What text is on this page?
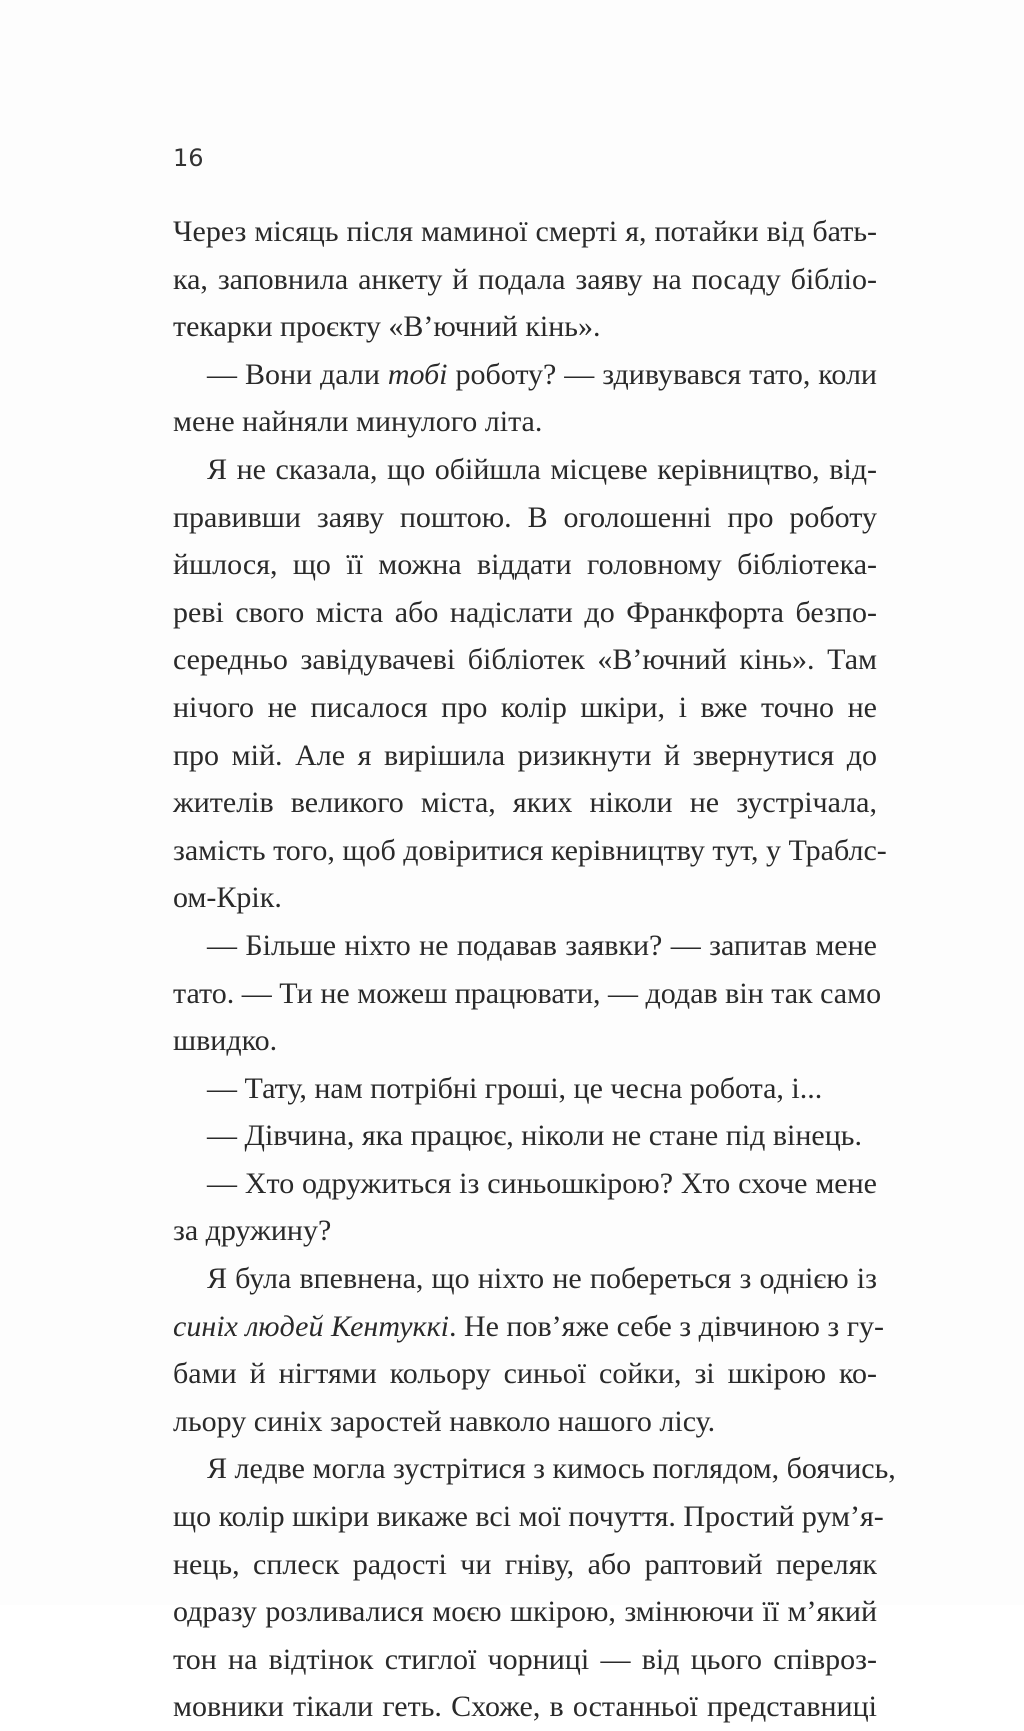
16
Через місяць після маминої смерті я, потайки від бать-
ка, заповнила анкету й подала заяву на посаду бібліо-
текарки проєкту «В’ючний кінь».
— Вони дали тобі роботу? — здивувався тато, коли
мене найняли минулого літа.
Я не сказала, що обійшла місцеве керівництво, від-
правивши заяву поштою. В оголошенні про роботу
йшлося, що її можна віддати головному бібліотека-
реві свого міста або надіслати до Франкфорта безпо-
середньо завідувачеві бібліотек «В’ючний кінь». Там
нічого не писалося про колір шкіри, і вже точно не
про мій. Але я вирішила ризикнути й звернутися до
жителів великого міста, яких ніколи не зустрічала,
замість того, щоб довіритися керівництву тут, у Траблс-
ом-Крік.
— Більше ніхто не подавав заявки? — запитав мене
тато. — Ти не можеш працювати, — додав він так само
швидко.
— Тату, нам потрібні гроші, це чесна робота, і...
— Дівчина, яка працює, ніколи не стане під вінець.
— Хто одружиться із синьошкірою? Хто схоче мене
за дружину?
Я була впевнена, що ніхто не побереться з однією із
синіх людей Кентуккі. Не пов’яже себе з дівчиною з гу-
бами й нігтями кольору синьої сойки, зі шкірою ко-
льору синіх заростей навколо нашого лісу.
Я ледве могла зустрітися з кимось поглядом, боячись,
що колір шкіри викаже всі мої почуття. Простий рум’я-
нець, сплеск радості чи гніву, або раптовий переляк
одразу розливалися моєю шкірою, змінюючи її м’який
тон на відтінок стиглої чорниці — від цього співроз-
мовники тікали геть. Схоже, в останньої представниці
